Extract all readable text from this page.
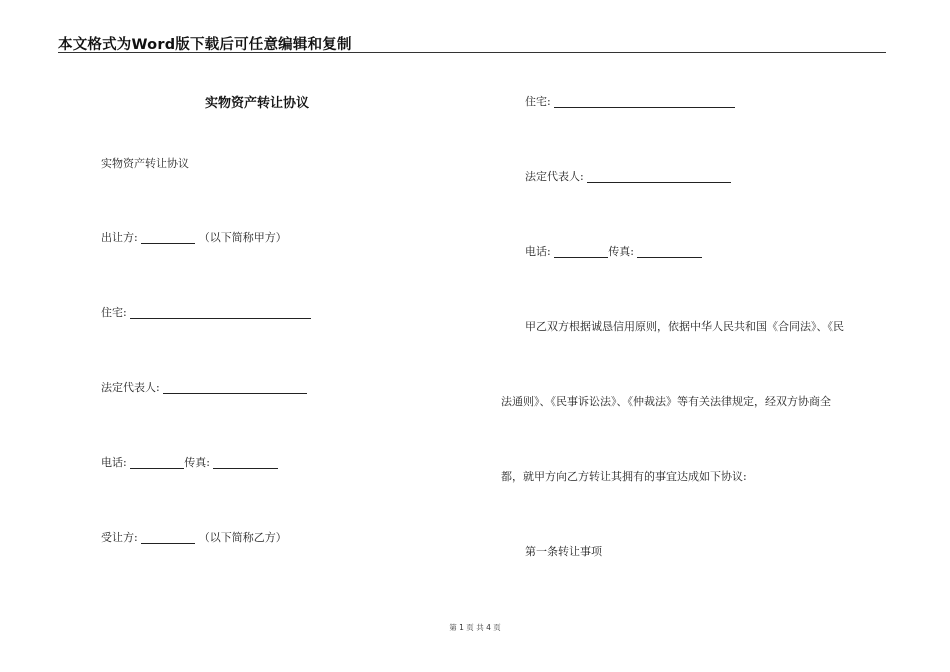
本文格式为Word版下载后可任意编辑和复制
实物资产转让协议
实物资产转让协议
出让方:	（以下简称甲方）
住宅:
法定代表人:
电话:	传真:
受让方:	（以下简称乙方）
住宅:
法定代表人:
电话:	传真:
甲乙双方根据诚恳信用原则，依据中华人民共和国《合同法》、《民
法通则》、《民事诉讼法》、《仲裁法》等有关法律规定，经双方协商全
都，就甲方向乙方转让其拥有的事宜达成如下协议:
第一条转让事项
第 1 页 共 4 页
